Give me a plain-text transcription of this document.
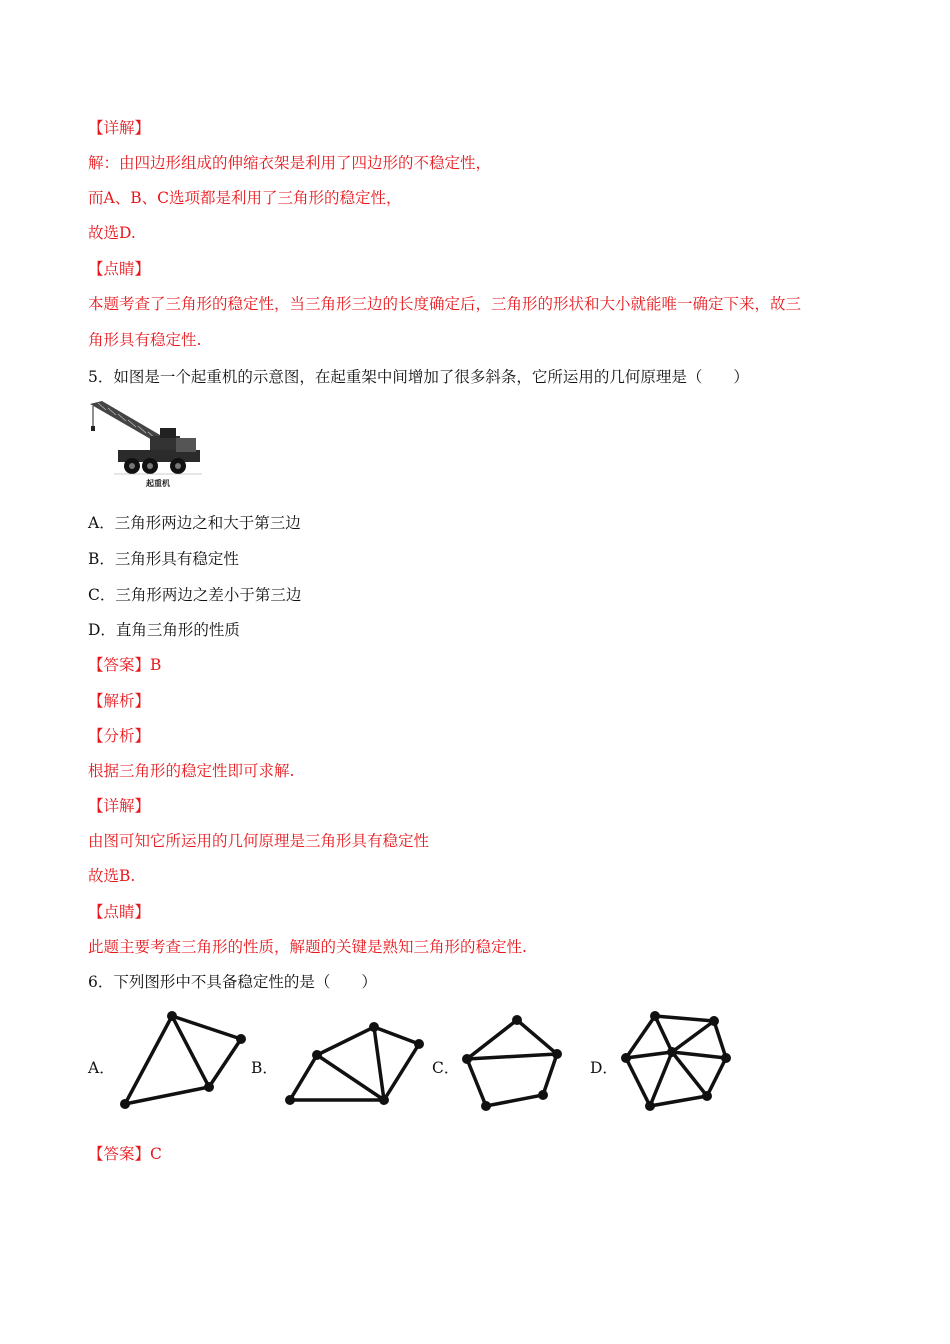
【详解】
解：由四边形组成的伸缩衣架是利用了四边形的不稳定性，
而A、B、C选项都是利用了三角形的稳定性，
故选D.
【点睛】
本题考查了三角形的稳定性，当三角形三边的长度确定后，三角形的形状和大小就能唯一确定下来，故三
角形具有稳定性.
5．如图是一个起重机的示意图，在起重架中间增加了很多斜条，它所运用的几何原理是（　　）
起重机
A．三角形两边之和大于第三边
B．三角形具有稳定性
C．三角形两边之差小于第三边
D．直角三角形的性质
【答案】B
【解析】
【分析】
根据三角形的稳定性即可求解.
【详解】
由图可知它所运用的几何原理是三角形具有稳定性
故选B.
【点睛】
此题主要考查三角形的性质，解题的关键是熟知三角形的稳定性.
6．下列图形中不具备稳定性的是（　　）
A．	B．	C．	D．
【答案】C
